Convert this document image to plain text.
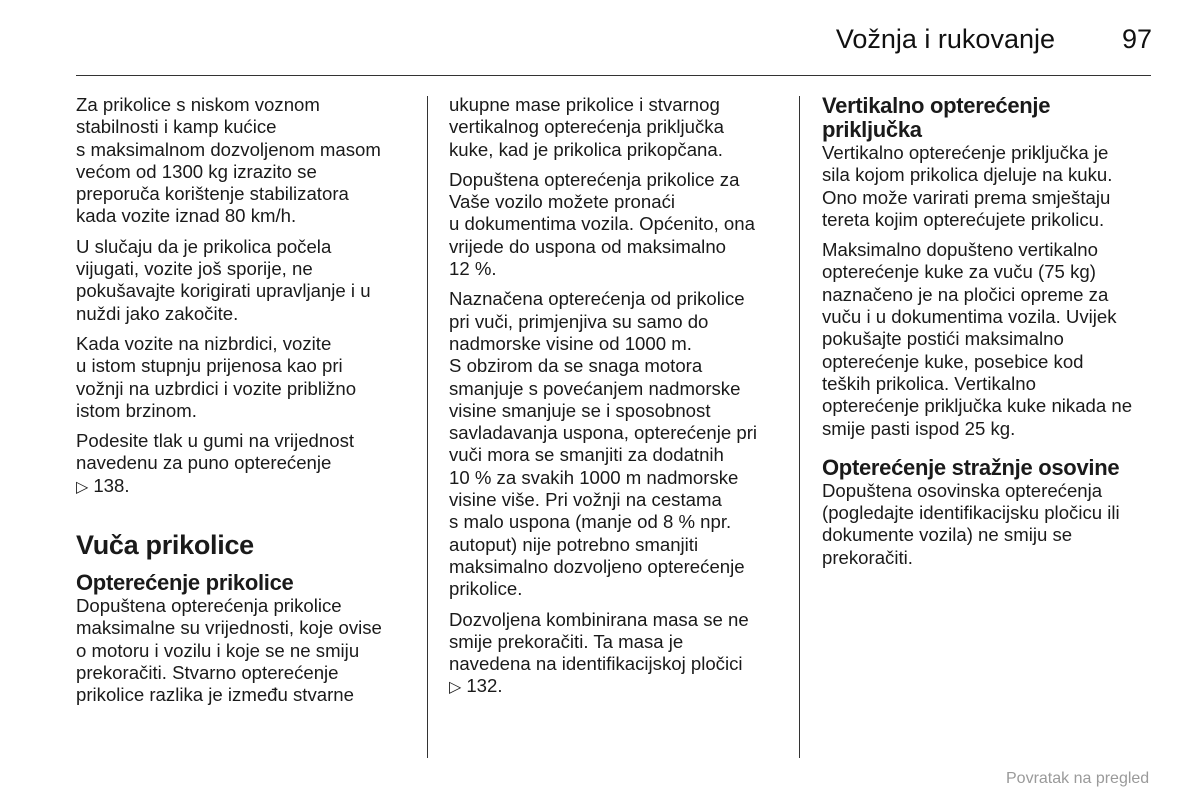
Vožnja i rukovanje	97

Za prikolice s niskom voznom
stabilnosti i kamp kućice
s maksimalnom dozvoljenom masom
većom od 1300 kg izrazito se
preporuča korištenje stabilizatora
kada vozite iznad 80 km/h.

U slučaju da je prikolica počela
vijugati, vozite još sporije, ne
pokušavajte korigirati upravljanje i u
nuždi jako zakočite.

Kada vozite na nizbrdici, vozite
u istom stupnju prijenosa kao pri
vožnji na uzbrdici i vozite približno
istom brzinom.

Podesite tlak u gumi na vrijednost
navedenu za puno opterećenje
▷ 138.

Vuča prikolice
Opterećenje prikolice

Dopuštena opterećenja prikolice
maksimalne su vrijednosti, koje ovise
o motoru i vozilu i koje se ne smiju
prekoračiti. Stvarno opterećenje
prikolice razlika je između stvarne

ukupne mase prikolice i stvarnog
vertikalnog opterećenja priključka
kuke, kad je prikolica prikopčana.

Dopuštena opterećenja prikolice za
Vaše vozilo možete pronaći
u dokumentima vozila. Općenito, ona
vrijede do uspona od maksimalno
12 %.

Naznačena opterećenja od prikolice
pri vuči, primjenjiva su samo do
nadmorske visine od 1000 m.
S obzirom da se snaga motora
smanjuje s povećanjem nadmorske
visine smanjuje se i sposobnost
savladavanja uspona, opterećenje pri
vuči mora se smanjiti za dodatnih
10 % za svakih 1000 m nadmorske
visine više. Pri vožnji na cestama
s malo uspona (manje od 8 % npr.
autoput) nije potrebno smanjiti
maksimalno dozvoljeno opterećenje
prikolice.

Dozvoljena kombinirana masa se ne
smije prekoračiti. Ta masa je
navedena na identifikacijskoj pločici
▷ 132.

Vertikalno opterećenje
priključka

Vertikalno opterećenje priključka je
sila kojom prikolica djeluje na kuku.
Ono može varirati prema smještaju
tereta kojim opterećujete prikolicu.

Maksimalno dopušteno vertikalno
opterećenje kuke za vuču (75 kg)
naznačeno je na pločici opreme za
vuču i u dokumentima vozila. Uvijek
pokušajte postići maksimalno
opterećenje kuke, posebice kod
teških prikolica. Vertikalno
opterećenje priključka kuke nikada ne
smije pasti ispod 25 kg.

Opterećenje stražnje osovine

Dopuštena osovinska opterećenja
(pogledajte identifikacijsku pločicu ili
dokumente vozila) ne smiju se
prekoračiti.

Povratak na pregled
